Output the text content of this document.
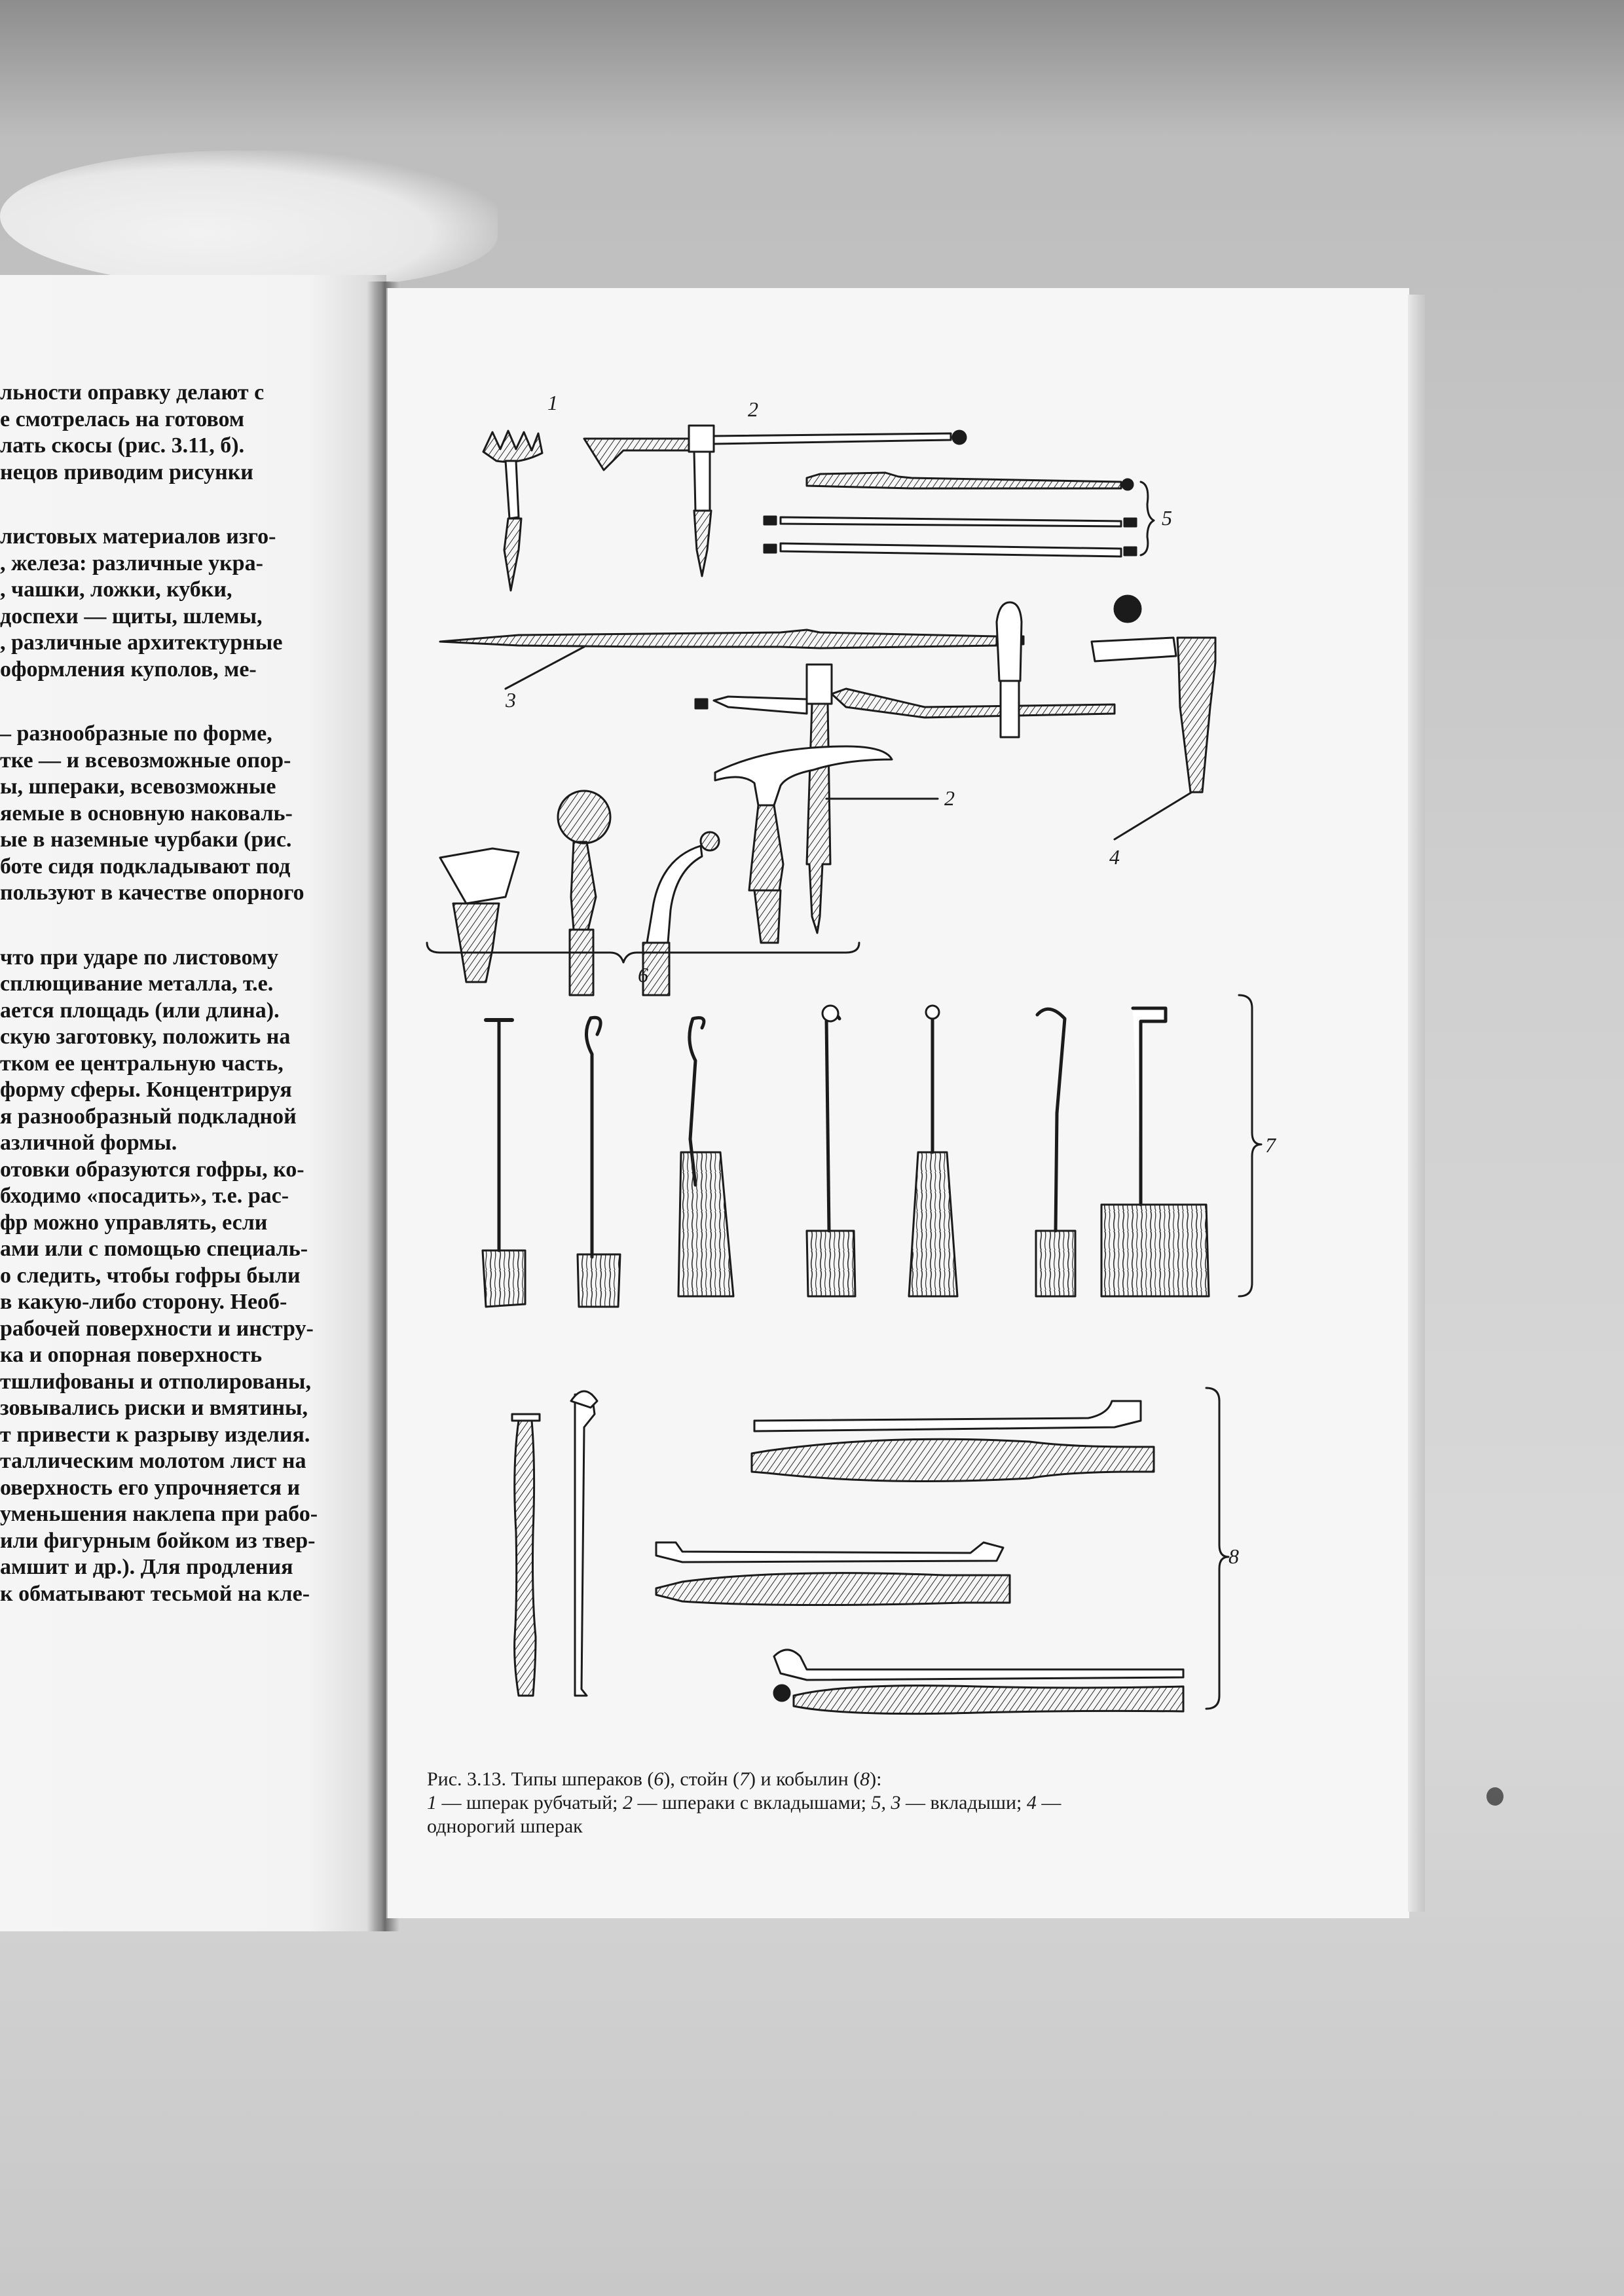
льности оправку делают с
е смотрелась на готовом
лать скосы (рис. 3.11, б).
нецов приводим рисунки
листовых материалов изго-
, железа: различные укра-
, чашки, ложки, кубки,
доспехи — щиты, шлемы,
, различные архитектурные
оформления куполов, ме-
– разнообразные по форме,
тке — и всевозможные опор-
ы, шпераки, всевозможные
яемые в основную наковаль-
ые в наземные чурбаки (рис.
боте сидя подкладывают под
пользуют в качестве опорного
что при ударе по листовому
сплющивание металла, т.е.
ается площадь (или длина).
скую заготовку, положить на
тком ее центральную часть,
форму сферы. Концентрируя
я разнообразный подкладной
азличной формы.
отовки образуются гофры, ко-
бходимо «посадить», т.е. рас-
фр можно управлять, если
ами или с помощью специаль-
о следить, чтобы гофры были
в какую-либо сторону. Необ-
рабочей поверхности и инстру-
ка и опорная поверхность
тшлифованы и отполированы,
зовывались риски и вмятины,
т привести к разрыву изделия.
таллическим молотом лист на
оверхность его упрочняется и
уменьшения наклепа при рабо-
или фигурным бойком из твер-
амшит и др.). Для продления
к обматывают тесьмой на кле-
1	2
5
3
2
4
6
7
8
Рис. 3.13. Типы шпераков (6), стойн (7) и кобылин (8):
1 — шперак рубчатый; 2 — шпераки с вкладышами; 5, 3 — вкладыши; 4 —
однорогий шперак
